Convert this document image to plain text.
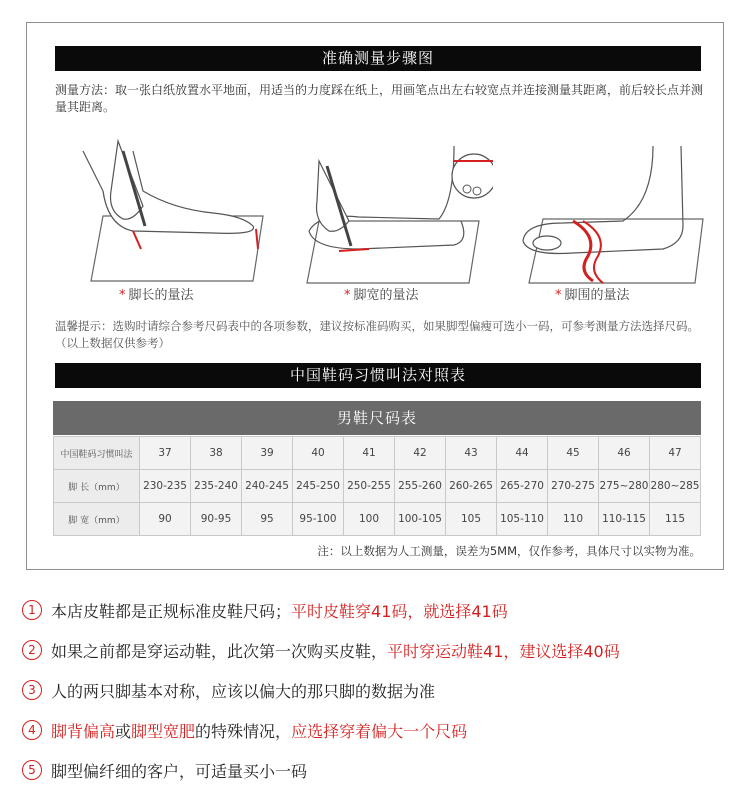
准确测量步骤图
测量方法：取一张白纸放置水平地面，用适当的力度踩在纸上，用画笔点出左右较宽点并连接测量其距离，前后较长点并测量其距离。
* 脚长的量法	* 脚宽的量法	* 脚围的量法
温馨提示：选购时请综合参考尺码表中的各项参数，建议按标准码购买，如果脚型偏瘦可选小一码，可参考测量方法选择尺码。（以上数据仅供参考）
中国鞋码习惯叫法对照表
男鞋尺码表
中国鞋码习惯叫法	37	38	39	40	41	42	43	44	45	46	47
脚 长（mm）	230-235	235-240	240-245	245-250	250-255	255-260	260-265	265-270	270-275	275~280	280~285
脚 宽（mm）	90	90-95	95	95-100	100	100-105	105	105-110	110	110-115	115
注：以上数据为人工测量，误差为5MM，仅作参考，具体尺寸以实物为准。
1 本店皮鞋都是正规标准皮鞋尺码； 平时皮鞋穿41码，就选择41码
2 如果之前都是穿运动鞋，此次第一次购买皮鞋， 平时穿运动鞋41，建议选择40码
3 人的两只脚基本对称，应该以偏大的那只脚的数据为准
4 脚背偏高 或 脚型宽肥 的特殊情况， 应选择穿着偏大一个尺码
5 脚型偏纤细的客户，可适量买小一码
